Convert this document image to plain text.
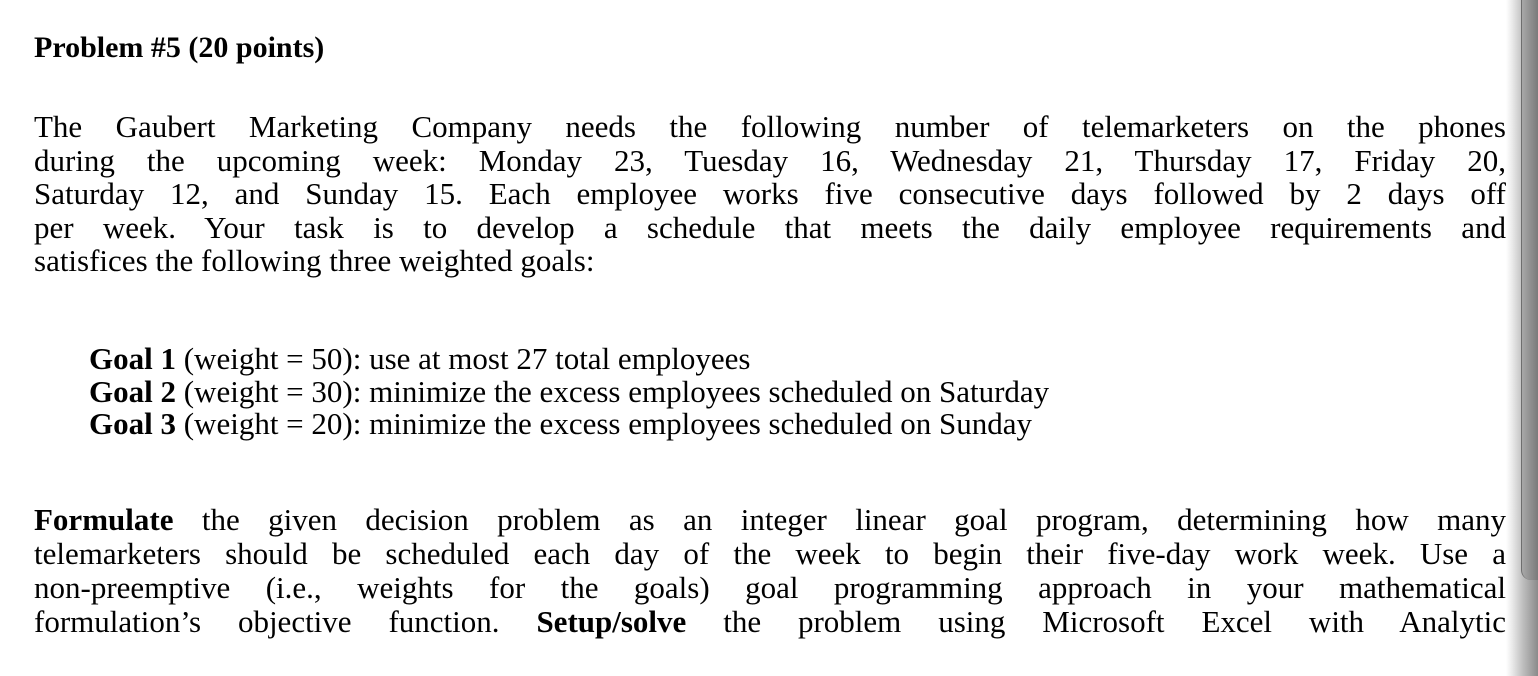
Problem #5 (20 points)

The Gaubert Marketing Company needs the following number of telemarketers on the phones
during the upcoming week: Monday 23, Tuesday 16, Wednesday 21, Thursday 17, Friday 20,
Saturday 12, and Sunday 15. Each employee works five consecutive days followed by 2 days off
per week. Your task is to develop a schedule that meets the daily employee requirements and
satisfices the following three weighted goals:

Goal 1 (weight = 50): use at most 27 total employees
Goal 2 (weight = 30): minimize the excess employees scheduled on Saturday
Goal 3 (weight = 20): minimize the excess employees scheduled on Sunday

Formulate the given decision problem as an integer linear goal program, determining how many
telemarketers should be scheduled each day of the week to begin their five-day work week. Use a
non-preemptive (i.e., weights for the goals) goal programming approach in your mathematical
formulation’s objective function. Setup/solve the problem using Microsoft Excel with Analytic
